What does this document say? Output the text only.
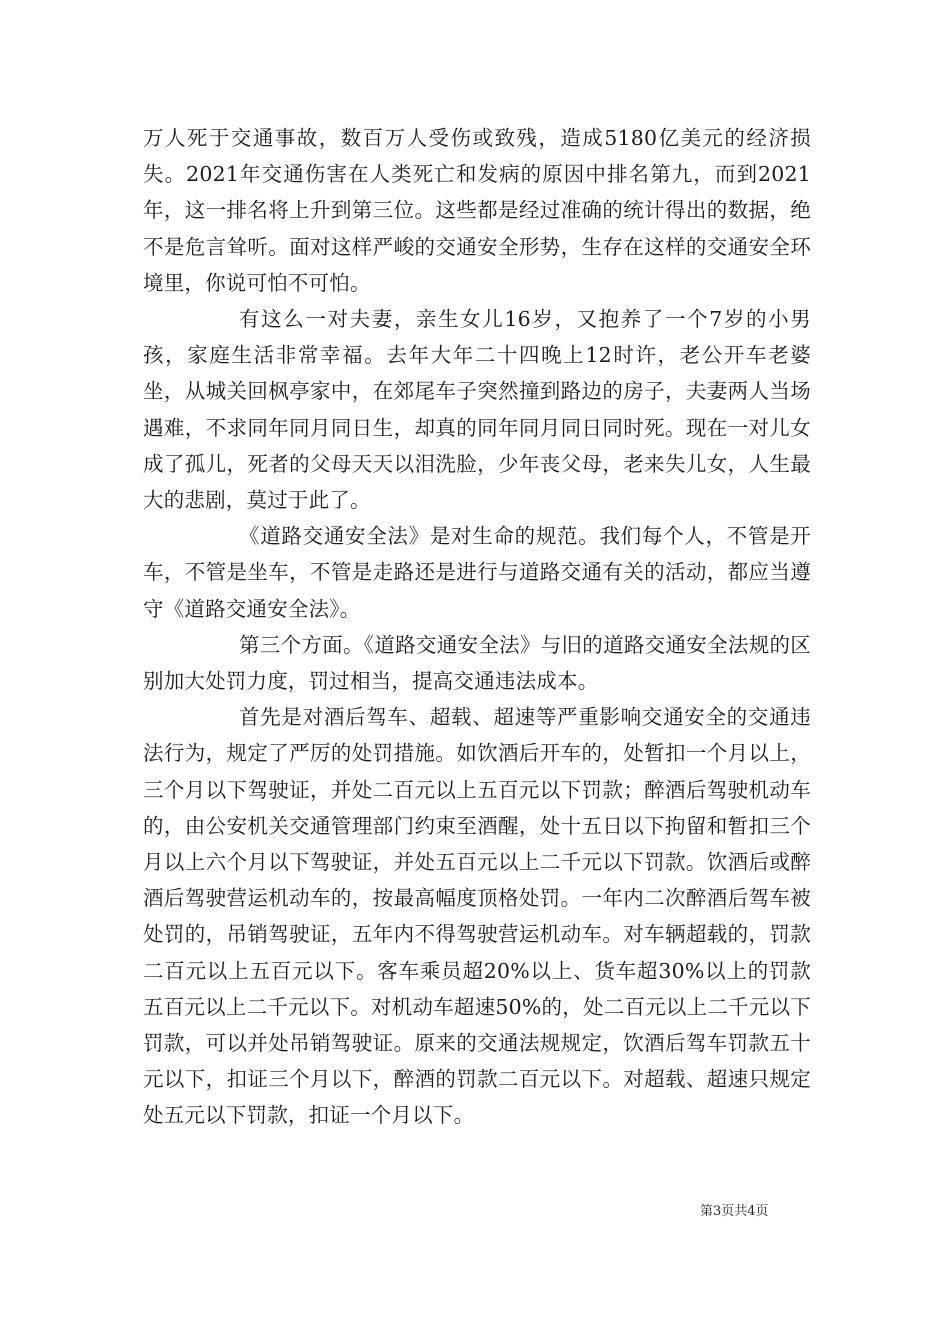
万人死于交通事故，数百万人受伤或致残，造成5180亿美元的经济损失。2021年交通伤害在人类死亡和发病的原因中排名第九，而到2021年，这一排名将上升到第三位。这些都是经过准确的统计得出的数据，绝不是危言耸听。面对这样严峻的交通安全形势，生存在这样的交通安全环境里，你说可怕不可怕。

有这么一对夫妻，亲生女儿16岁，又抱养了一个7岁的小男孩，家庭生活非常幸福。去年大年二十四晚上12时许，老公开车老婆坐，从城关回枫亭家中，在郊尾车子突然撞到路边的房子，夫妻两人当场遇难，不求同年同月同日生，却真的同年同月同日同时死。现在一对儿女成了孤儿，死者的父母天天以泪洗脸，少年丧父母，老来失儿女，人生最大的悲剧，莫过于此了。

《道路交通安全法》是对生命的规范。我们每个人，不管是开车，不管是坐车，不管是走路还是进行与道路交通有关的活动，都应当遵守《道路交通安全法》。

第三个方面。《道路交通安全法》与旧的道路交通安全法规的区别加大处罚力度，罚过相当，提高交通违法成本。

首先是对酒后驾车、超载、超速等严重影响交通安全的交通违法行为，规定了严厉的处罚措施。如饮酒后开车的，处暂扣一个月以上，三个月以下驾驶证，并处二百元以上五百元以下罚款；醉酒后驾驶机动车的，由公安机关交通管理部门约束至酒醒，处十五日以下拘留和暂扣三个月以上六个月以下驾驶证，并处五百元以上二千元以下罚款。饮酒后或醉酒后驾驶营运机动车的，按最高幅度顶格处罚。一年内二次醉酒后驾车被处罚的，吊销驾驶证，五年内不得驾驶营运机动车。对车辆超载的，罚款二百元以上五百元以下。客车乘员超20%以上、货车超30%以上的罚款五百元以上二千元以下。对机动车超速50%的，处二百元以上二千元以下罚款，可以并处吊销驾驶证。原来的交通法规规定，饮酒后驾车罚款五十元以下，扣证三个月以下，醉酒的罚款二百元以下。对超载、超速只规定处五元以下罚款，扣证一个月以下。

第3页共4页
